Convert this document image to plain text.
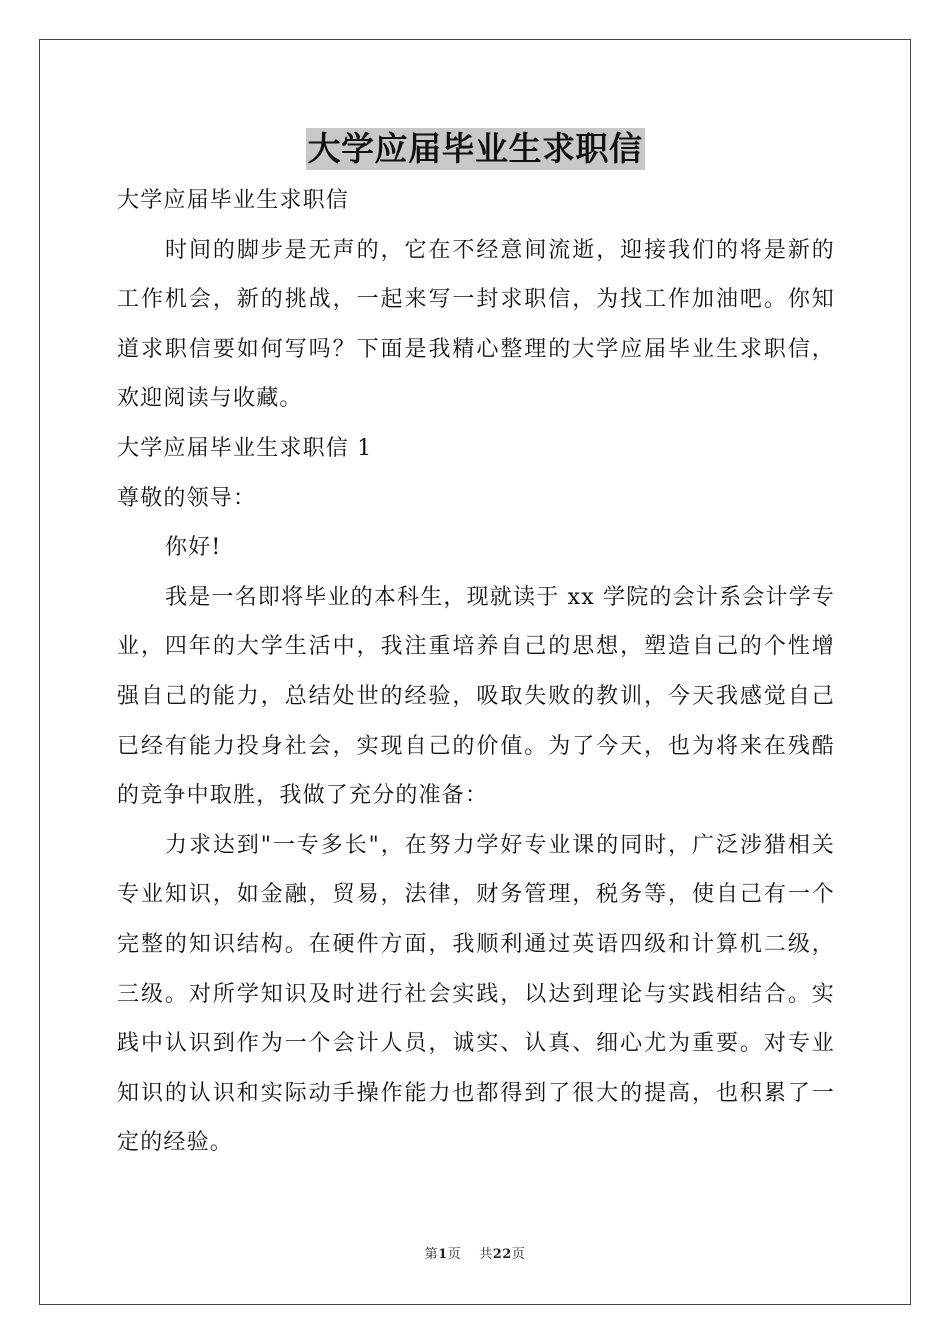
大学应届毕业生求职信

大学应届毕业生求职信

时间的脚步是无声的，它在不经意间流逝，迎接我们的将是新的工作机会，新的挑战，一起来写一封求职信，为找工作加油吧。你知道求职信要如何写吗？下面是我精心整理的大学应届毕业生求职信，欢迎阅读与收藏。

大学应届毕业生求职信 1

尊敬的领导：

你好!

我是一名即将毕业的本科生，现就读于 xx 学院的会计系会计学专业，四年的大学生活中，我注重培养自己的思想，塑造自己的个性增强自己的能力，总结处世的经验，吸取失败的教训，今天我感觉自己已经有能力投身社会，实现自己的价值。为了今天，也为将来在残酷的竞争中取胜，我做了充分的准备：

力求达到"一专多长"，在努力学好专业课的同时，广泛涉猎相关专业知识，如金融，贸易，法律，财务管理，税务等，使自己有一个完整的知识结构。在硬件方面，我顺利通过英语四级和计算机二级，三级。对所学知识及时进行社会实践，以达到理论与实践相结合。实践中认识到作为一个会计人员，诚实、认真、细心尤为重要。对专业知识的认识和实际动手操作能力也都得到了很大的提高，也积累了一定的经验。

第1页 共22页
